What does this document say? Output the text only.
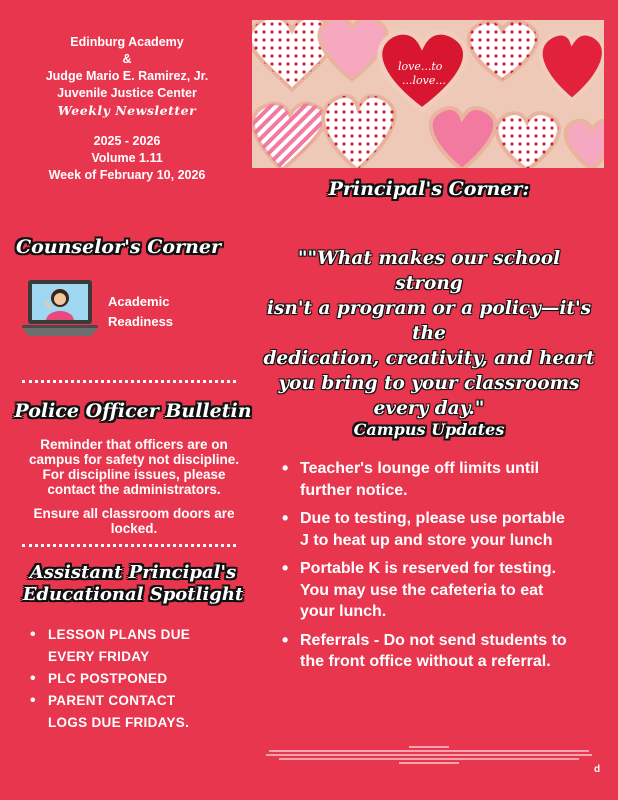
Edinburg Academy
&
Judge Mario E. Ramirez, Jr.
Juvenile Justice Center
Weekly Newsletter
2025 - 2026
Volume 1.11
Week of February 10, 2026
love...to
...love...
Principal's Corner:
Counselor's Corner
Academic
Readiness
Police Officer Bulletin
Reminder that officers are on
campus for safety not discipline.
For discipline issues, please
contact the administrators.
Ensure all classroom doors are
locked.
Assistant Principal's
Educational Spotlight
• LESSON PLANS DUE
EVERY FRIDAY
• PLC POSTPONED
• PARENT CONTACT
LOGS DUE FRIDAYS.
""What makes our school strong
isn't a program or a policy—it's the
dedication, creativity, and heart
you bring to your classrooms
every day."
Campus Updates
• Teacher's lounge off limits until
further notice.
• Due to testing, please use portable
J to heat up and store your lunch
• Portable K is reserved for testing.
You may use the cafeteria to eat
your lunch.
• Referrals - Do not send students to
the front office without a referral.
d
